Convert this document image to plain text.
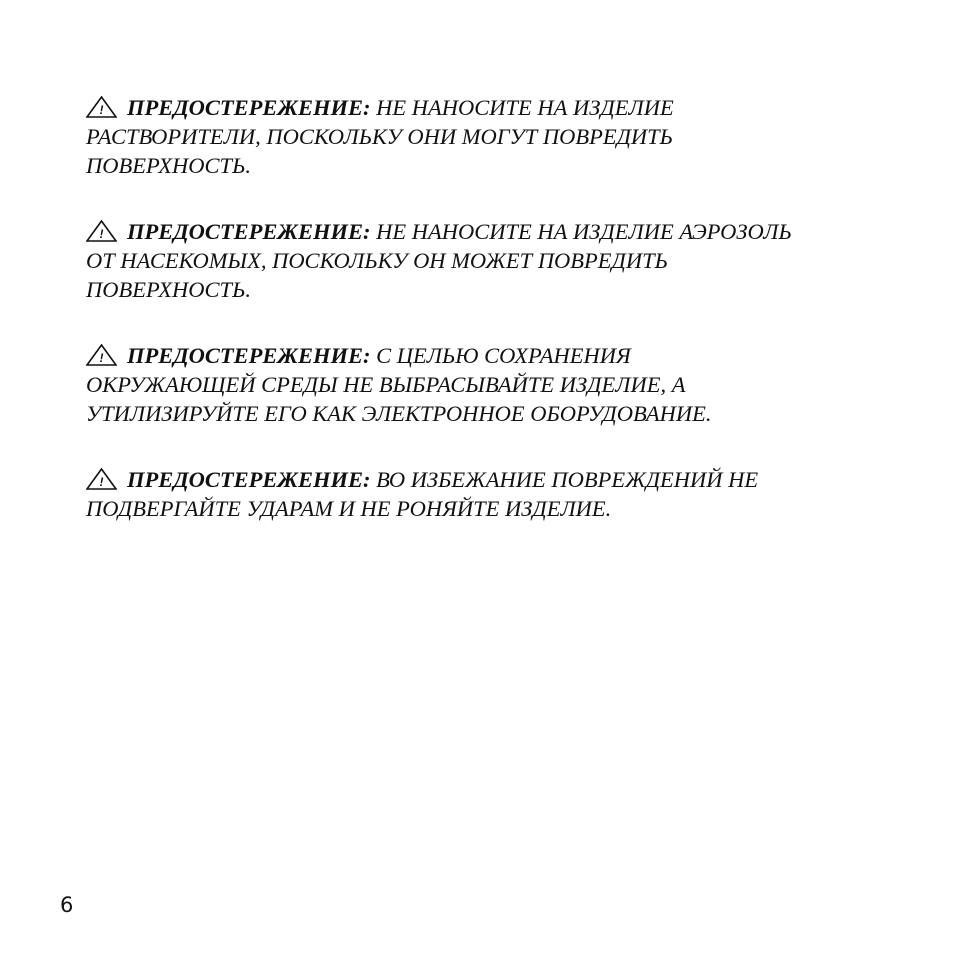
! ПРЕДОСТЕРЕЖЕНИЕ: НЕ НАНОСИТЕ НА ИЗДЕЛИЕ
РАСТВОРИТЕЛИ, ПОСКОЛЬКУ ОНИ МОГУТ ПОВРЕДИТЬ
ПОВЕРХНОСТЬ.

! ПРЕДОСТЕРЕЖЕНИЕ: НЕ НАНОСИТЕ НА ИЗДЕЛИЕ АЭРОЗОЛЬ
ОТ НАСЕКОМЫХ, ПОСКОЛЬКУ ОН МОЖЕТ ПОВРЕДИТЬ
ПОВЕРХНОСТЬ.

! ПРЕДОСТЕРЕЖЕНИЕ: С ЦЕЛЬЮ СОХРАНЕНИЯ
ОКРУЖАЮЩЕЙ СРЕДЫ НЕ ВЫБРАСЫВАЙТЕ ИЗДЕЛИЕ, А
УТИЛИЗИРУЙТЕ ЕГО КАК ЭЛЕКТРОННОЕ ОБОРУДОВАНИЕ.

! ПРЕДОСТЕРЕЖЕНИЕ: ВО ИЗБЕЖАНИЕ ПОВРЕЖДЕНИЙ НЕ
ПОДВЕРГАЙТЕ УДАРАМ И НЕ РОНЯЙТЕ ИЗДЕЛИЕ.

6
